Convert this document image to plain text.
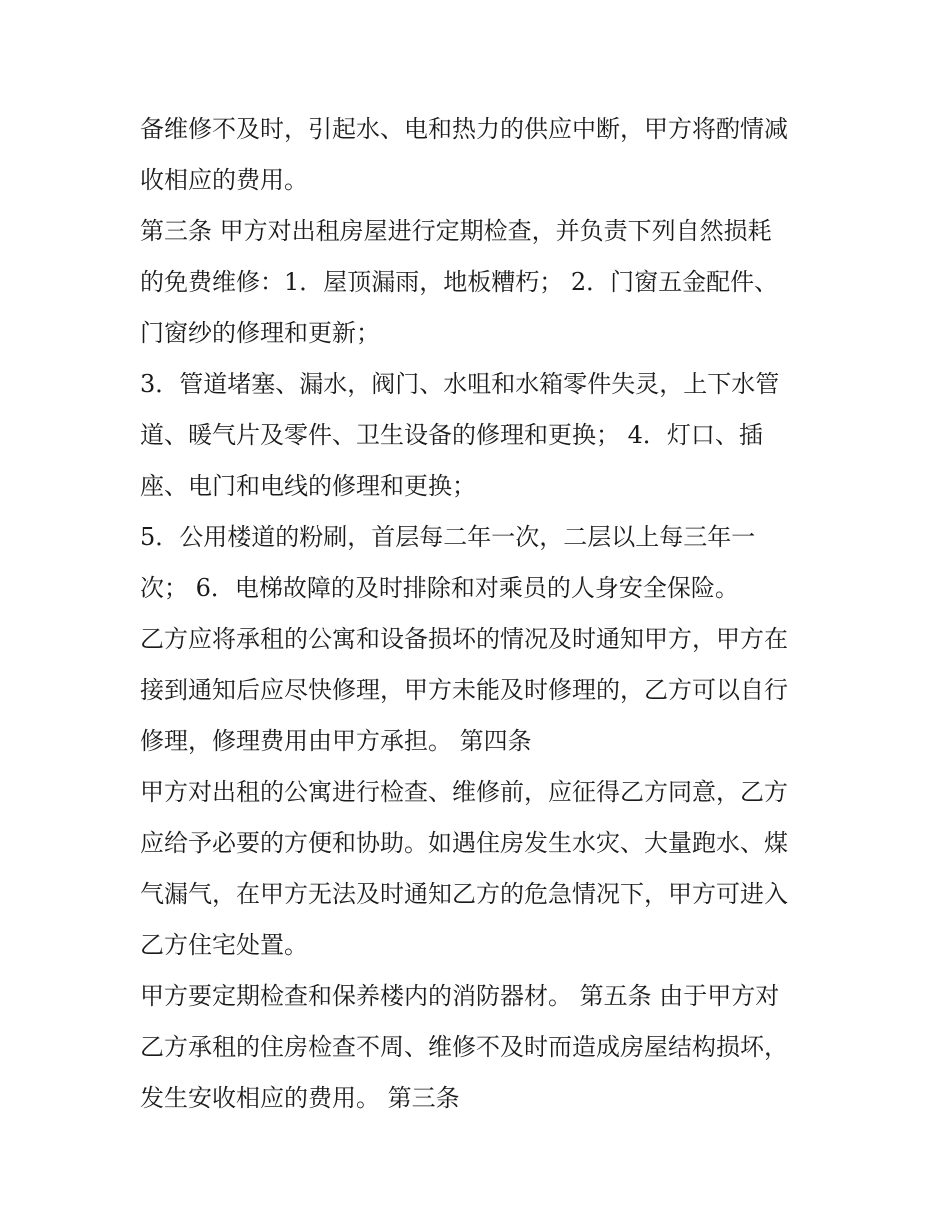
备维修不及时，引起水、电和热力的供应中断，甲方将酌情减
收相应的费用。
第三条 甲方对出租房屋进行定期检查，并负责下列自然损耗
的免费维修：1．屋顶漏雨，地板糟朽； 2．门窗五金配件、
门窗纱的修理和更新；
3．管道堵塞、漏水，阀门、水咀和水箱零件失灵，上下水管
道、暖气片及零件、卫生设备的修理和更换； 4．灯口、插
座、电门和电线的修理和更换；
5．公用楼道的粉刷，首层每二年一次，二层以上每三年一
次； 6．电梯故障的及时排除和对乘员的人身安全保险。
乙方应将承租的公寓和设备损坏的情况及时通知甲方，甲方在
接到通知后应尽快修理，甲方未能及时修理的，乙方可以自行
修理，修理费用由甲方承担。 第四条
甲方对出租的公寓进行检查、维修前，应征得乙方同意，乙方
应给予必要的方便和协助。如遇住房发生水灾、大量跑水、煤
气漏气，在甲方无法及时通知乙方的危急情况下，甲方可进入
乙方住宅处置。
甲方要定期检查和保养楼内的消防器材。 第五条 由于甲方对
乙方承租的住房检查不周、维修不及时而造成房屋结构损坏，
发生安收相应的费用。 第三条
